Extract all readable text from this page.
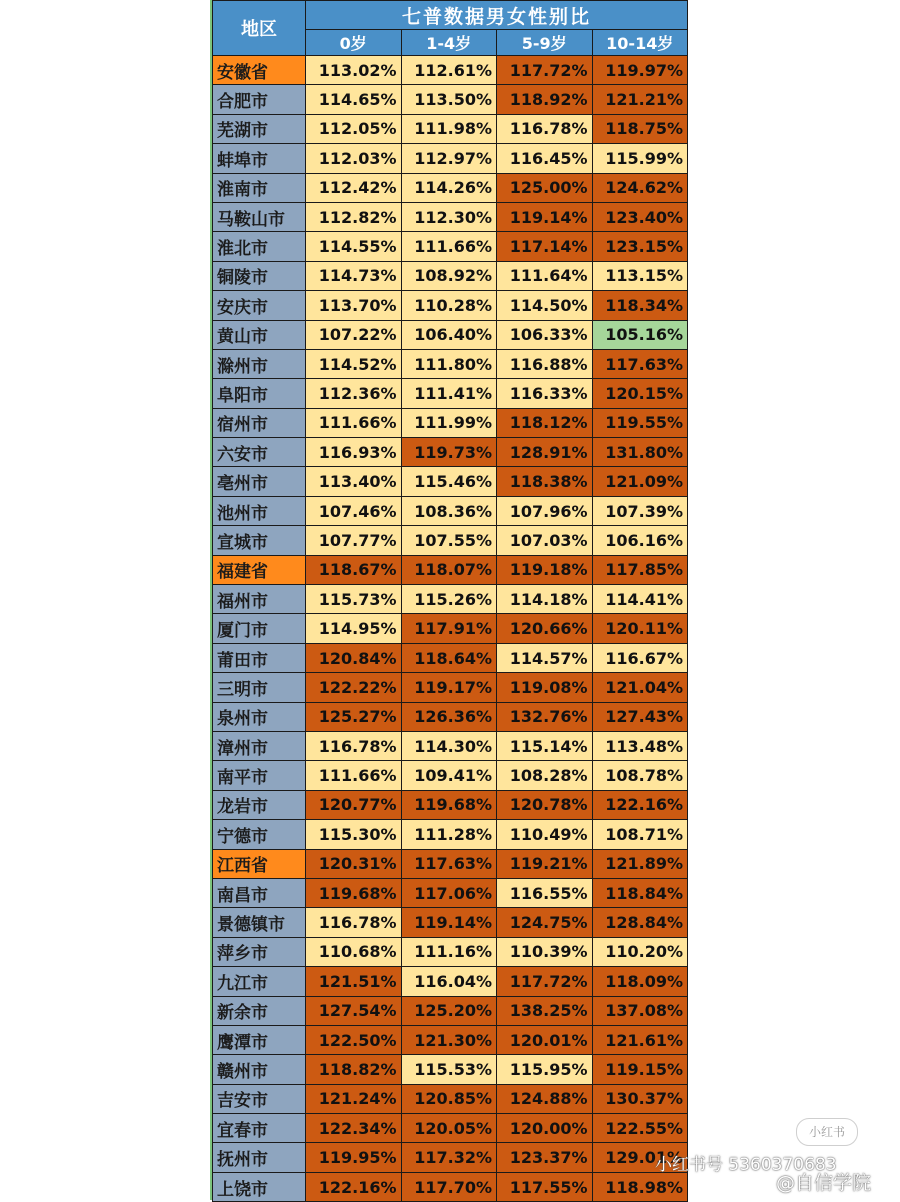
地区	七普数据男女性别比			
	0岁	1-4岁	5-9岁	10-14岁
安徽省	113.02%	112.61%	117.72%	119.97%
合肥市	114.65%	113.50%	118.92%	121.21%
芜湖市	112.05%	111.98%	116.78%	118.75%
蚌埠市	112.03%	112.97%	116.45%	115.99%
淮南市	112.42%	114.26%	125.00%	124.62%
马鞍山市	112.82%	112.30%	119.14%	123.40%
淮北市	114.55%	111.66%	117.14%	123.15%
铜陵市	114.73%	108.92%	111.64%	113.15%
安庆市	113.70%	110.28%	114.50%	118.34%
黄山市	107.22%	106.40%	106.33%	105.16%
滁州市	114.52%	111.80%	116.88%	117.63%
阜阳市	112.36%	111.41%	116.33%	120.15%
宿州市	111.66%	111.99%	118.12%	119.55%
六安市	116.93%	119.73%	128.91%	131.80%
亳州市	113.40%	115.46%	118.38%	121.09%
池州市	107.46%	108.36%	107.96%	107.39%
宣城市	107.77%	107.55%	107.03%	106.16%
福建省	118.67%	118.07%	119.18%	117.85%
福州市	115.73%	115.26%	114.18%	114.41%
厦门市	114.95%	117.91%	120.66%	120.11%
莆田市	120.84%	118.64%	114.57%	116.67%
三明市	122.22%	119.17%	119.08%	121.04%
泉州市	125.27%	126.36%	132.76%	127.43%
漳州市	116.78%	114.30%	115.14%	113.48%
南平市	111.66%	109.41%	108.28%	108.78%
龙岩市	120.77%	119.68%	120.78%	122.16%
宁德市	115.30%	111.28%	110.49%	108.71%
江西省	120.31%	117.63%	119.21%	121.89%
南昌市	119.68%	117.06%	116.55%	118.84%
景德镇市	116.78%	119.14%	124.75%	128.84%
萍乡市	110.68%	111.16%	110.39%	110.20%
九江市	121.51%	116.04%	117.72%	118.09%
新余市	127.54%	125.20%	138.25%	137.08%
鹰潭市	122.50%	121.30%	120.01%	121.61%
赣州市	118.82%	115.53%	115.95%	119.15%
吉安市	121.24%	120.85%	124.88%	130.37%
宜春市	122.34%	120.05%	120.00%	122.55%
抚州市	119.95%	117.32%	123.37%	129.01%
上饶市	122.16%	117.70%	117.55%	118.98%
小红书
小红书号 5360370683
@自信学院
